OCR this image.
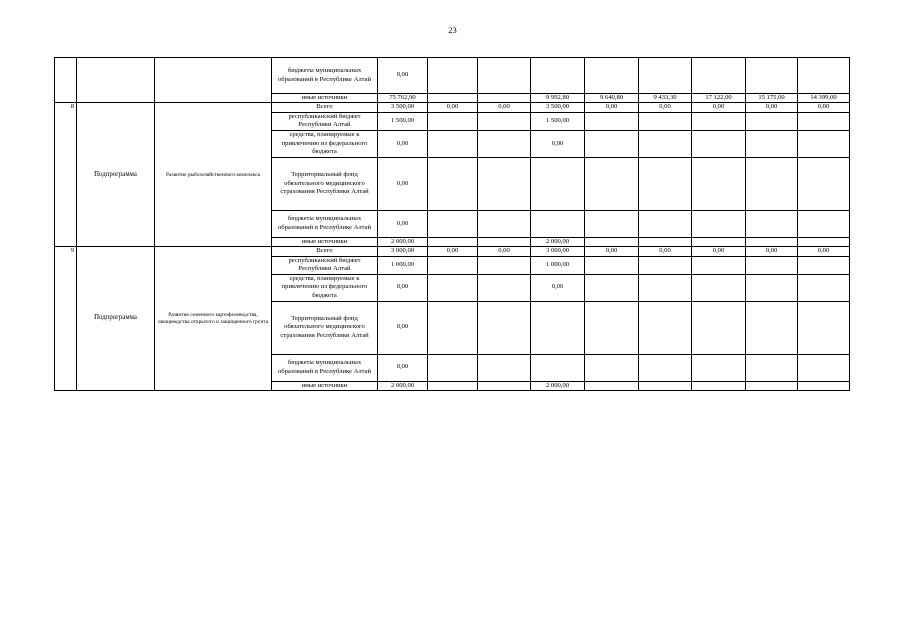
23
			бюджеты муниципальных образований в Республике Алтай	0,00								
			иные источники	75 762,90			9 992,80	9 640,80	9 433,30	17 122,00	15 175,00	14 399,00
8	Подпрограмма	Развитие рыбохозяйственного комплекса	Всего	3 500,00	0,00	0,00	3 500,00	0,00	0,00	0,00	0,00	0,00
			республиканский бюджет Республики Алтай	1 500,00			1 500,00					
			средства, планируемые к привлечению из федерального бюджета	0,00			0,00					
			Территориальный фонд обязательного медицинского страхования Республики Алтай	0,00								
			бюджеты муниципальных образований в Республике Алтай	0,00								
			иные источники	2 000,00			2 000,00					
9	Подпрограмма	Развитие семенного картофелеводства, овощеводства открытого и защищенного грунта	Всего	3 000,00	0,00	0,00	3 000,00	0,00	0,00	0,00	0,00	0,00
			республиканский бюджет Республики Алтай	1 000,00			1 000,00					
			средства, планируемые к привлечению из федерального бюджета	0,00			0,00					
			Территориальный фонд обязательного медицинского страхования Республики Алтай	0,00								
			бюджеты муниципальных образований в Республике Алтай	0,00								
			иные источники	2 000,00			2 000,00					
